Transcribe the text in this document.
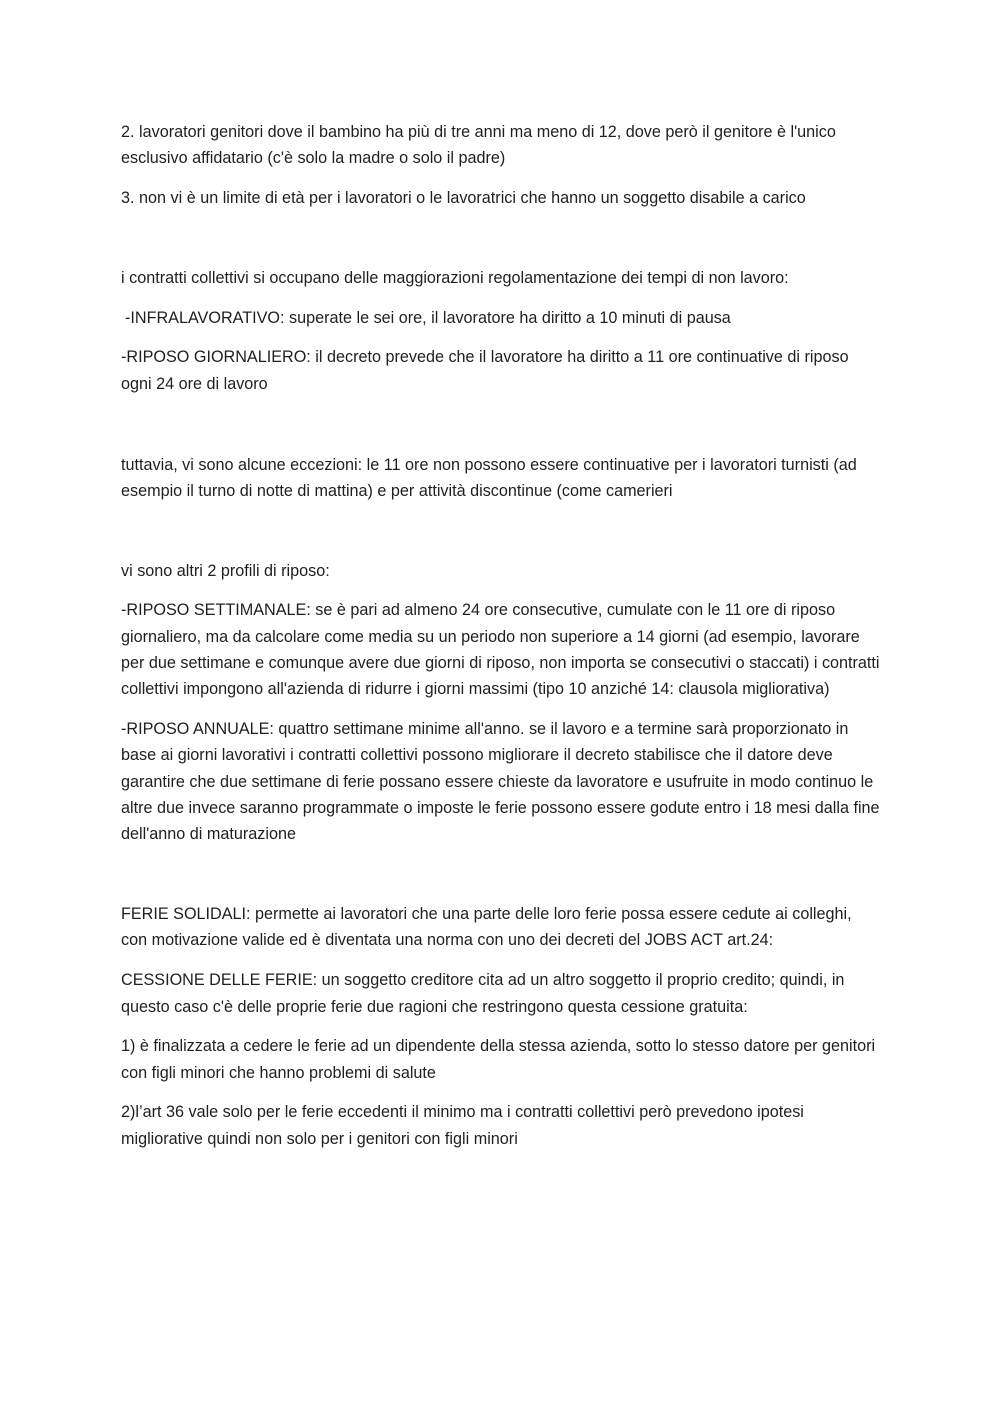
2. lavoratori genitori dove il bambino ha più di tre anni ma meno di 12, dove però il genitore è l'unico esclusivo affidatario (c'è solo la madre o solo il padre)

3. non vi è un limite di età per i lavoratori o le lavoratrici che hanno un soggetto disabile a carico

i contratti collettivi si occupano delle maggiorazioni regolamentazione dei tempi di non lavoro:

-INFRALAVORATIVO: superate le sei ore, il lavoratore ha diritto a 10 minuti di pausa

-RIPOSO GIORNALIERO: il decreto prevede che il lavoratore ha diritto a 11 ore continuative di riposo ogni 24 ore di lavoro

tuttavia, vi sono alcune eccezioni: le 11 ore non possono essere continuative per i lavoratori turnisti (ad esempio il turno di notte di mattina) e per attività discontinue (come camerieri

vi sono altri 2 profili di riposo:

-RIPOSO SETTIMANALE: se è pari ad almeno 24 ore consecutive, cumulate con le 11 ore di riposo giornaliero, ma da calcolare come media su un periodo non superiore a 14 giorni (ad esempio, lavorare per due settimane e comunque avere due giorni di riposo, non importa se consecutivi o staccati) i contratti collettivi impongono all'azienda di ridurre i giorni massimi (tipo 10 anziché 14: clausola migliorativa)

-RIPOSO ANNUALE: quattro settimane minime all'anno. se il lavoro e a termine sarà proporzionato in base ai giorni lavorativi i contratti collettivi possono migliorare il decreto stabilisce che il datore deve garantire che due settimane di ferie possano essere chieste da lavoratore e usufruite in modo continuo le altre due invece saranno programmate o imposte le ferie possono essere godute entro i 18 mesi dalla fine dell'anno di maturazione

FERIE SOLIDALI: permette ai lavoratori che una parte delle loro ferie possa essere cedute ai colleghi, con motivazione valide ed è diventata una norma con uno dei decreti del JOBS ACT art.24:

CESSIONE DELLE FERIE: un soggetto creditore cita ad un altro soggetto il proprio credito; quindi, in questo caso c'è delle proprie ferie due ragioni che restringono questa cessione gratuita:

1) è finalizzata a cedere le ferie ad un dipendente della stessa azienda, sotto lo stesso datore per genitori con figli minori che hanno problemi di salute

2)l’art 36 vale solo per le ferie eccedenti il minimo ma i contratti collettivi però prevedono ipotesi migliorative quindi non solo per i genitori con figli minori
